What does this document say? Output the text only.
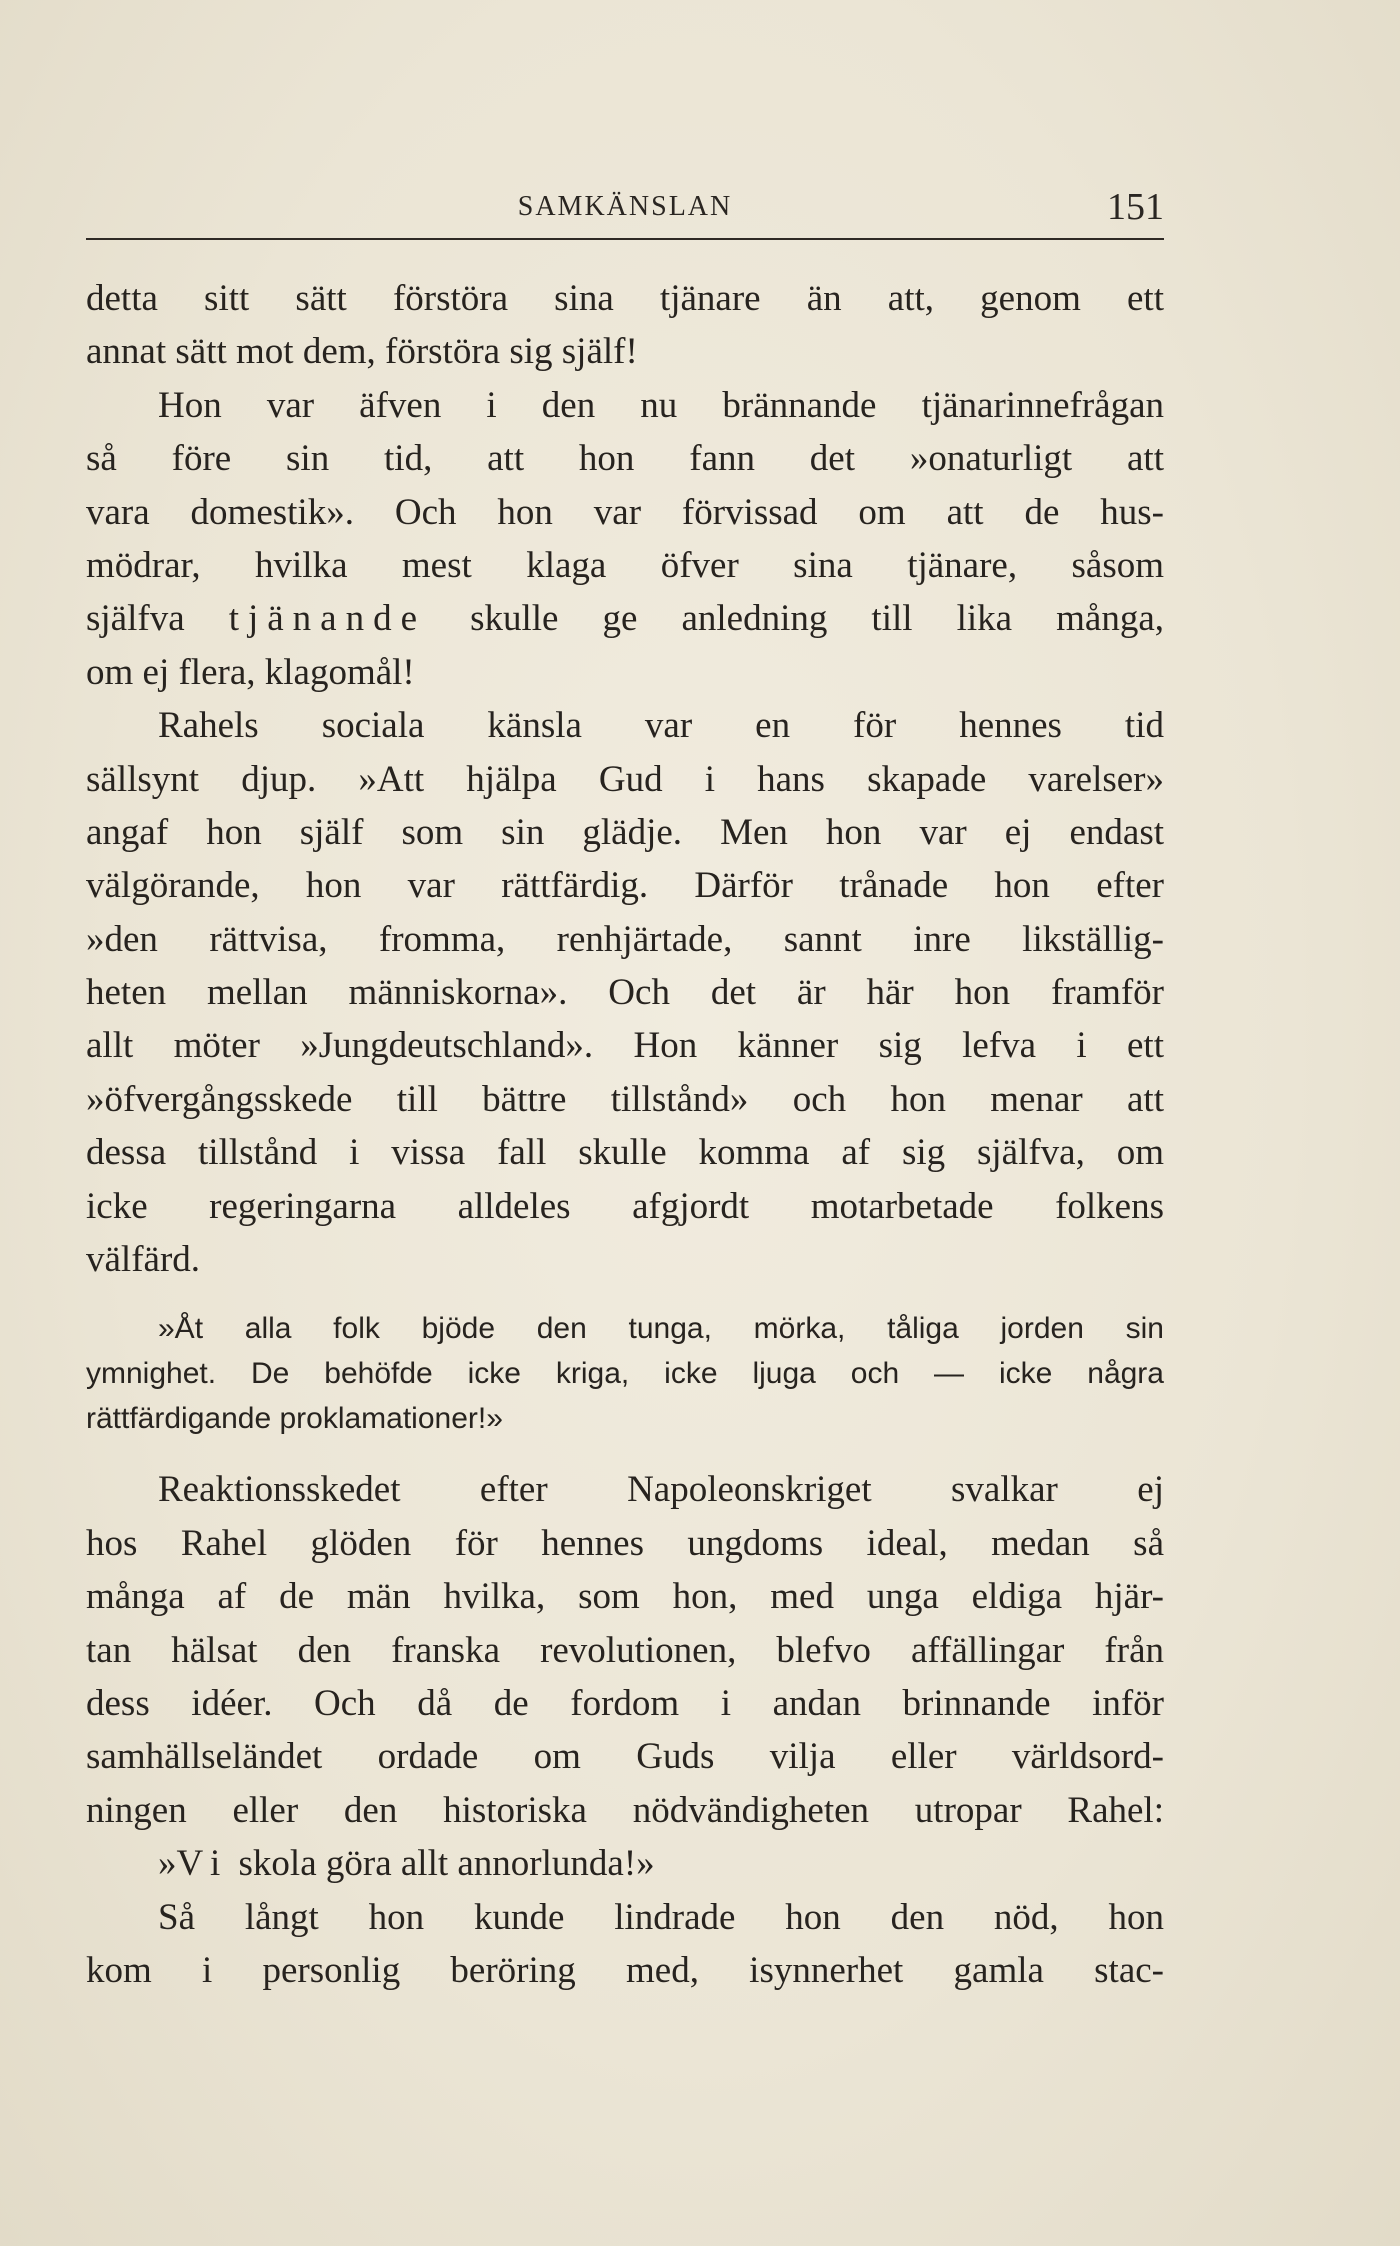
SAMKÄNSLAN	151
detta sitt sätt förstöra sina tjänare än att, genom ett
annat sätt mot dem, förstöra sig själf!
Hon var äfven i den nu brännande tjänarinnefrågan
så före sin tid, att hon fann det »onaturligt att
vara domestik». Och hon var förvissad om att de hus-
mödrar, hvilka mest klaga öfver sina tjänare, såsom
själfva tjänande skulle ge anledning till lika många,
om ej flera, klagomål!
Rahels sociala känsla var en för hennes tid
sällsynt djup. »Att hjälpa Gud i hans skapade varelser»
angaf hon själf som sin glädje. Men hon var ej endast
välgörande, hon var rättfärdig. Därför trånade hon efter
»den rättvisa, fromma, renhjärtade, sannt inre likställig-
heten mellan människorna». Och det är här hon framför
allt möter »Jungdeutschland». Hon känner sig lefva i ett
»öfvergångsskede till bättre tillstånd» och hon menar att
dessa tillstånd i vissa fall skulle komma af sig själfva, om
icke regeringarna alldeles afgjordt motarbetade folkens
välfärd.
»Åt alla folk bjöde den tunga, mörka, tåliga jorden sin
ymnighet. De behöfde icke kriga, icke ljuga och — icke några
rättfärdigande proklamationer!»
Reaktionsskedet efter Napoleonskriget svalkar ej
hos Rahel glöden för hennes ungdoms ideal, medan så
många af de män hvilka, som hon, med unga eldiga hjär-
tan hälsat den franska revolutionen, blefvo affällingar från
dess idéer. Och då de fordom i andan brinnande inför
samhällseländet ordade om Guds vilja eller världsord-
ningen eller den historiska nödvändigheten utropar Rahel:
»Vi skola göra allt annorlunda!»
Så långt hon kunde lindrade hon den nöd, hon
kom i personlig beröring med, isynnerhet gamla stac-
